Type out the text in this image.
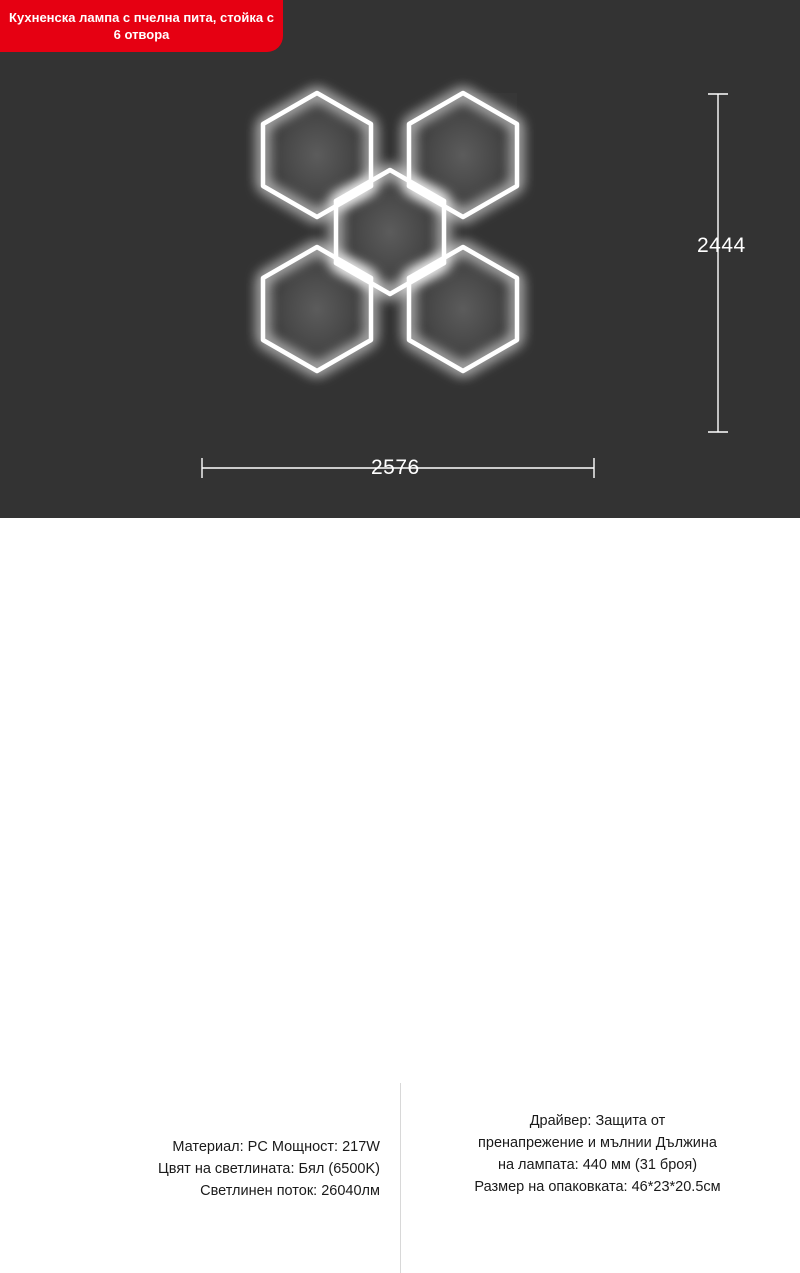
Кухненска лампа с пчелна пита, стойка с 6 отвора
2444
2576
Материал: PC Мощност: 217W
Цвят на светлината: Бял (6500K)
Светлинен поток: 26040лм
Драйвер: Защита от
пренапрежение и мълнии Дължина
на лампата: 440 мм (31 броя)
Размер на опаковката: 46*23*20.5см
